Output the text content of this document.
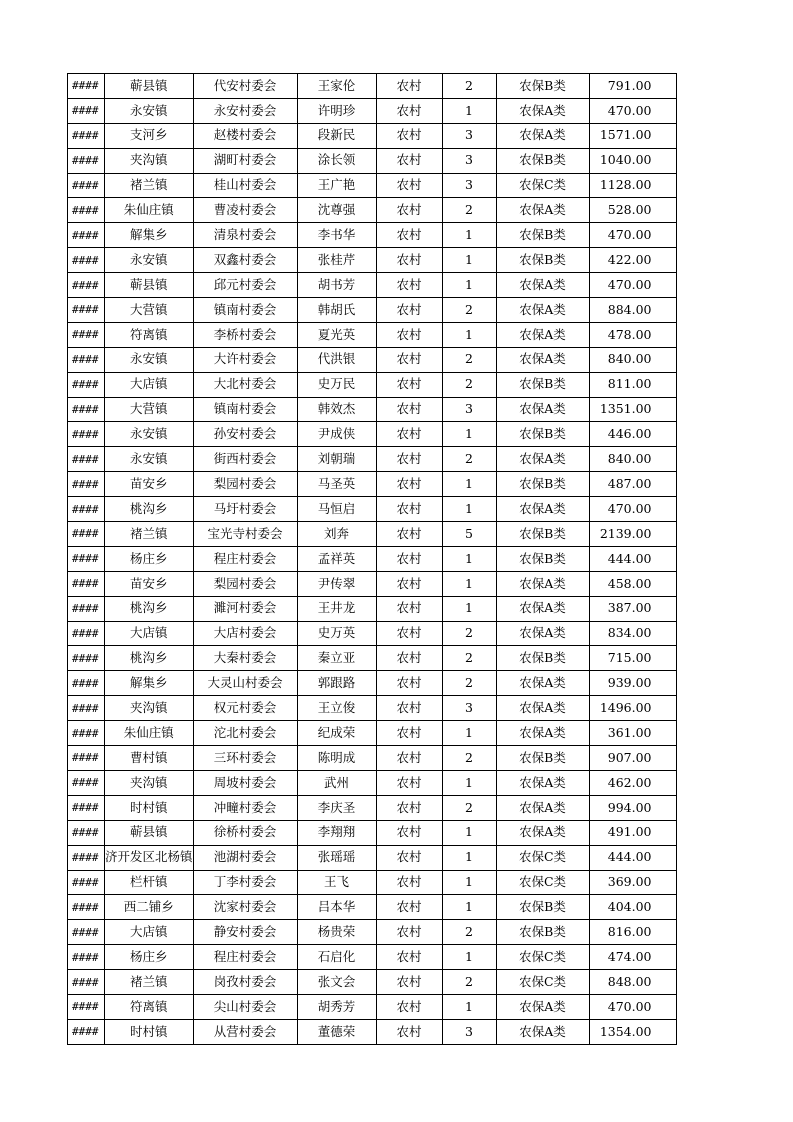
####	蕲县镇	代安村委会	王家伦	农村	2	农保B类	791.00
####	永安镇	永安村委会	许明珍	农村	1	农保A类	470.00
####	支河乡	赵楼村委会	段新民	农村	3	农保A类	1571.00
####	夹沟镇	湖町村委会	涂长领	农村	3	农保B类	1040.00
####	褚兰镇	桂山村委会	王广艳	农村	3	农保C类	1128.00
####	朱仙庄镇	曹凌村委会	沈尊强	农村	2	农保A类	528.00
####	解集乡	清泉村委会	李书华	农村	1	农保B类	470.00
####	永安镇	双鑫村委会	张桂芹	农村	1	农保B类	422.00
####	蕲县镇	邱元村委会	胡书芳	农村	1	农保A类	470.00
####	大营镇	镇南村委会	韩胡氏	农村	2	农保A类	884.00
####	符离镇	李桥村委会	夏光英	农村	1	农保A类	478.00
####	永安镇	大许村委会	代洪银	农村	2	农保A类	840.00
####	大店镇	大北村委会	史万民	农村	2	农保B类	811.00
####	大营镇	镇南村委会	韩效杰	农村	3	农保A类	1351.00
####	永安镇	孙安村委会	尹成侠	农村	1	农保B类	446.00
####	永安镇	街西村委会	刘朝瑞	农村	2	农保A类	840.00
####	苗安乡	梨园村委会	马圣英	农村	1	农保B类	487.00
####	桃沟乡	马圩村委会	马恒启	农村	1	农保A类	470.00
####	褚兰镇	宝光寺村委会	刘奔	农村	5	农保B类	2139.00
####	杨庄乡	程庄村委会	孟祥英	农村	1	农保B类	444.00
####	苗安乡	梨园村委会	尹传翠	农村	1	农保A类	458.00
####	桃沟乡	濉河村委会	王井龙	农村	1	农保A类	387.00
####	大店镇	大店村委会	史万英	农村	2	农保A类	834.00
####	桃沟乡	大秦村委会	秦立亚	农村	2	农保B类	715.00
####	解集乡	大灵山村委会	郭跟路	农村	2	农保A类	939.00
####	夹沟镇	权元村委会	王立俊	农村	3	农保A类	1496.00
####	朱仙庄镇	沱北村委会	纪成荣	农村	1	农保A类	361.00
####	曹村镇	三环村委会	陈明成	农村	2	农保B类	907.00
####	夹沟镇	周坡村委会	武州	农村	1	农保A类	462.00
####	时村镇	冲疃村委会	李庆圣	农村	2	农保A类	994.00
####	蕲县镇	徐桥村委会	李翔翔	农村	1	农保A类	491.00
####	济开发区北杨镇	池湖村委会	张瑶瑶	农村	1	农保C类	444.00
####	栏杆镇	丁李村委会	王飞	农村	1	农保C类	369.00
####	西二铺乡	沈家村委会	吕本华	农村	1	农保B类	404.00
####	大店镇	静安村委会	杨贵荣	农村	2	农保B类	816.00
####	杨庄乡	程庄村委会	石启化	农村	1	农保C类	474.00
####	褚兰镇	岗孜村委会	张文会	农村	2	农保C类	848.00
####	符离镇	尖山村委会	胡秀芳	农村	1	农保A类	470.00
####	时村镇	从营村委会	董德荣	农村	3	农保A类	1354.00
